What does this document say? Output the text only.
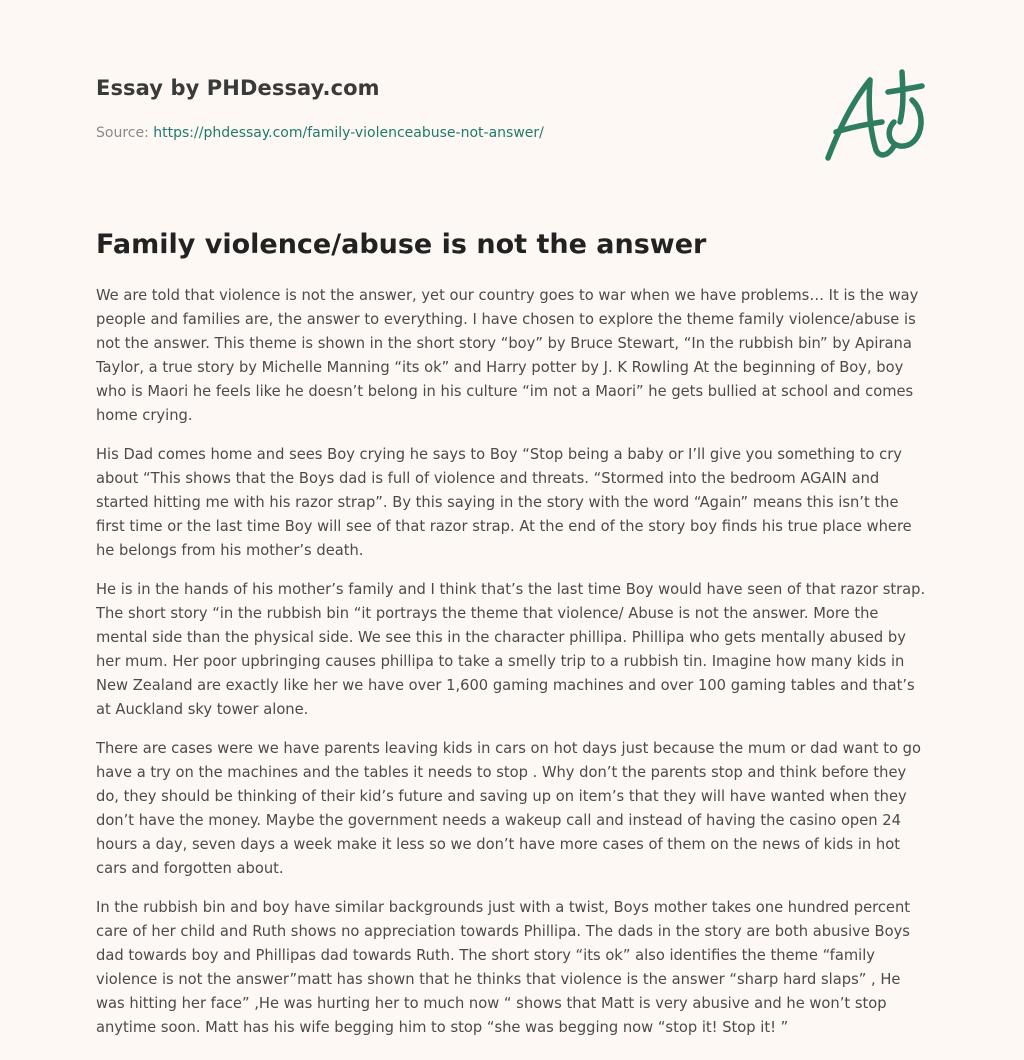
Essay by PHDessay.com
Source: https://phdessay.com/family-violenceabuse-not-answer/
Family violence/abuse is not the answer

We are told that violence is not the answer, yet our country goes to war when we have problems… It is the way people and families are, the answer to everything. I have chosen to explore the theme family violence/abuse is not the answer. This theme is shown in the short story “boy” by Bruce Stewart, “In the rubbish bin” by Apirana Taylor, a true story by Michelle Manning “its ok” and Harry potter by J. K Rowling At the beginning of Boy, boy who is Maori he feels like he doesn’t belong in his culture “im not a Maori” he gets bullied at school and comes home crying.

His Dad comes home and sees Boy crying he says to Boy “Stop being a baby or I’ll give you something to cry about “This shows that the Boys dad is full of violence and threats. “Stormed into the bedroom AGAIN and started hitting me with his razor strap”. By this saying in the story with the word “Again” means this isn’t the first time or the last time Boy will see of that razor strap. At the end of the story boy finds his true place where he belongs from his mother’s death.

He is in the hands of his mother’s family and I think that’s the last time Boy would have seen of that razor strap. The short story “in the rubbish bin “it portrays the theme that violence/ Abuse is not the answer. More the mental side than the physical side. We see this in the character phillipa. Phillipa who gets mentally abused by her mum. Her poor upbringing causes phillipa to take a smelly trip to a rubbish tin. Imagine how many kids in New Zealand are exactly like her we have over 1,600 gaming machines and over 100 gaming tables and that’s at Auckland sky tower alone.

There are cases were we have parents leaving kids in cars on hot days just because the mum or dad want to go have a try on the machines and the tables it needs to stop . Why don’t the parents stop and think before they do, they should be thinking of their kid’s future and saving up on item’s that they will have wanted when they don’t have the money. Maybe the government needs a wakeup call and instead of having the casino open 24 hours a day, seven days a week make it less so we don’t have more cases of them on the news of kids in hot cars and forgotten about.

In the rubbish bin and boy have similar backgrounds just with a twist, Boys mother takes one hundred percent care of her child and Ruth shows no appreciation towards Phillipa. The dads in the story are both abusive Boys dad towards boy and Phillipas dad towards Ruth. The short story “its ok” also identifies the theme “family violence is not the answer”matt has shown that he thinks that violence is the answer “sharp hard slaps” , He was hitting her face” ,He was hurting her to much now “ shows that Matt is very abusive and he won’t stop anytime soon. Matt has his wife begging him to stop “she was begging now “stop it! Stop it! ”
